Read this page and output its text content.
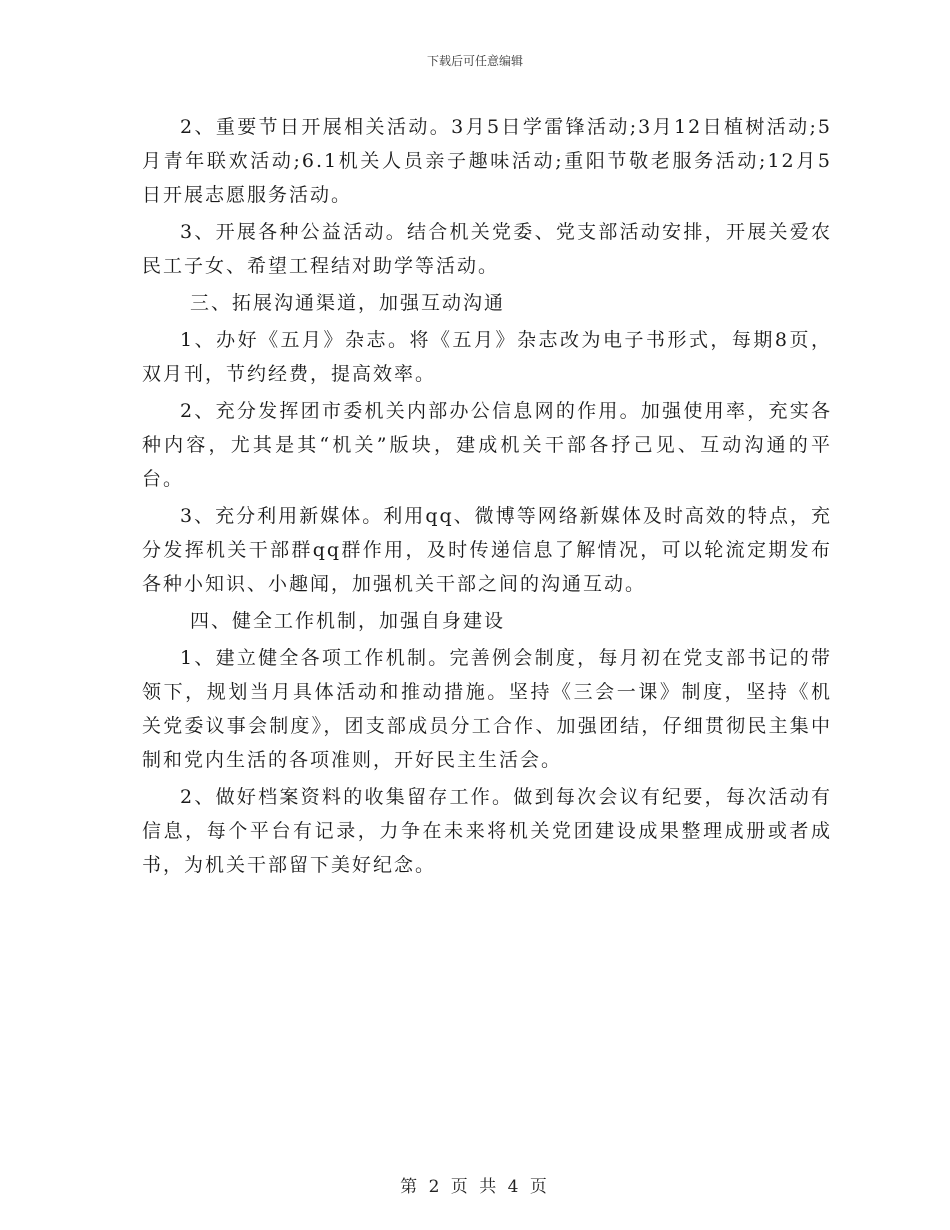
下载后可任意编辑

2、重要节日开展相关活动。3月5日学雷锋活动;3月12日植树活动;5月青年联欢活动;6.1机关人员亲子趣味活动;重阳节敬老服务活动;12月5日开展志愿服务活动。

3、开展各种公益活动。结合机关党委、党支部活动安排，开展关爱农民工子女、希望工程结对助学等活动。

三、拓展沟通渠道，加强互动沟通

1、办好《五月》杂志。将《五月》杂志改为电子书形式，每期8页，双月刊，节约经费，提高效率。

2、充分发挥团市委机关内部办公信息网的作用。加强使用率，充实各种内容，尤其是其“机关”版块，建成机关干部各抒己见、互动沟通的平台。

3、充分利用新媒体。利用qq、微博等网络新媒体及时高效的特点，充分发挥机关干部群qq群作用，及时传递信息了解情况，可以轮流定期发布各种小知识、小趣闻，加强机关干部之间的沟通互动。

四、健全工作机制，加强自身建设

1、建立健全各项工作机制。完善例会制度，每月初在党支部书记的带领下，规划当月具体活动和推动措施。坚持《三会一课》制度，坚持《机关党委议事会制度》，团支部成员分工合作、加强团结，仔细贯彻民主集中制和党内生活的各项准则，开好民主生活会。

2、做好档案资料的收集留存工作。做到每次会议有纪要，每次活动有信息，每个平台有记录，力争在未来将机关党团建设成果整理成册或者成书，为机关干部留下美好纪念。

第 2 页 共 4 页
